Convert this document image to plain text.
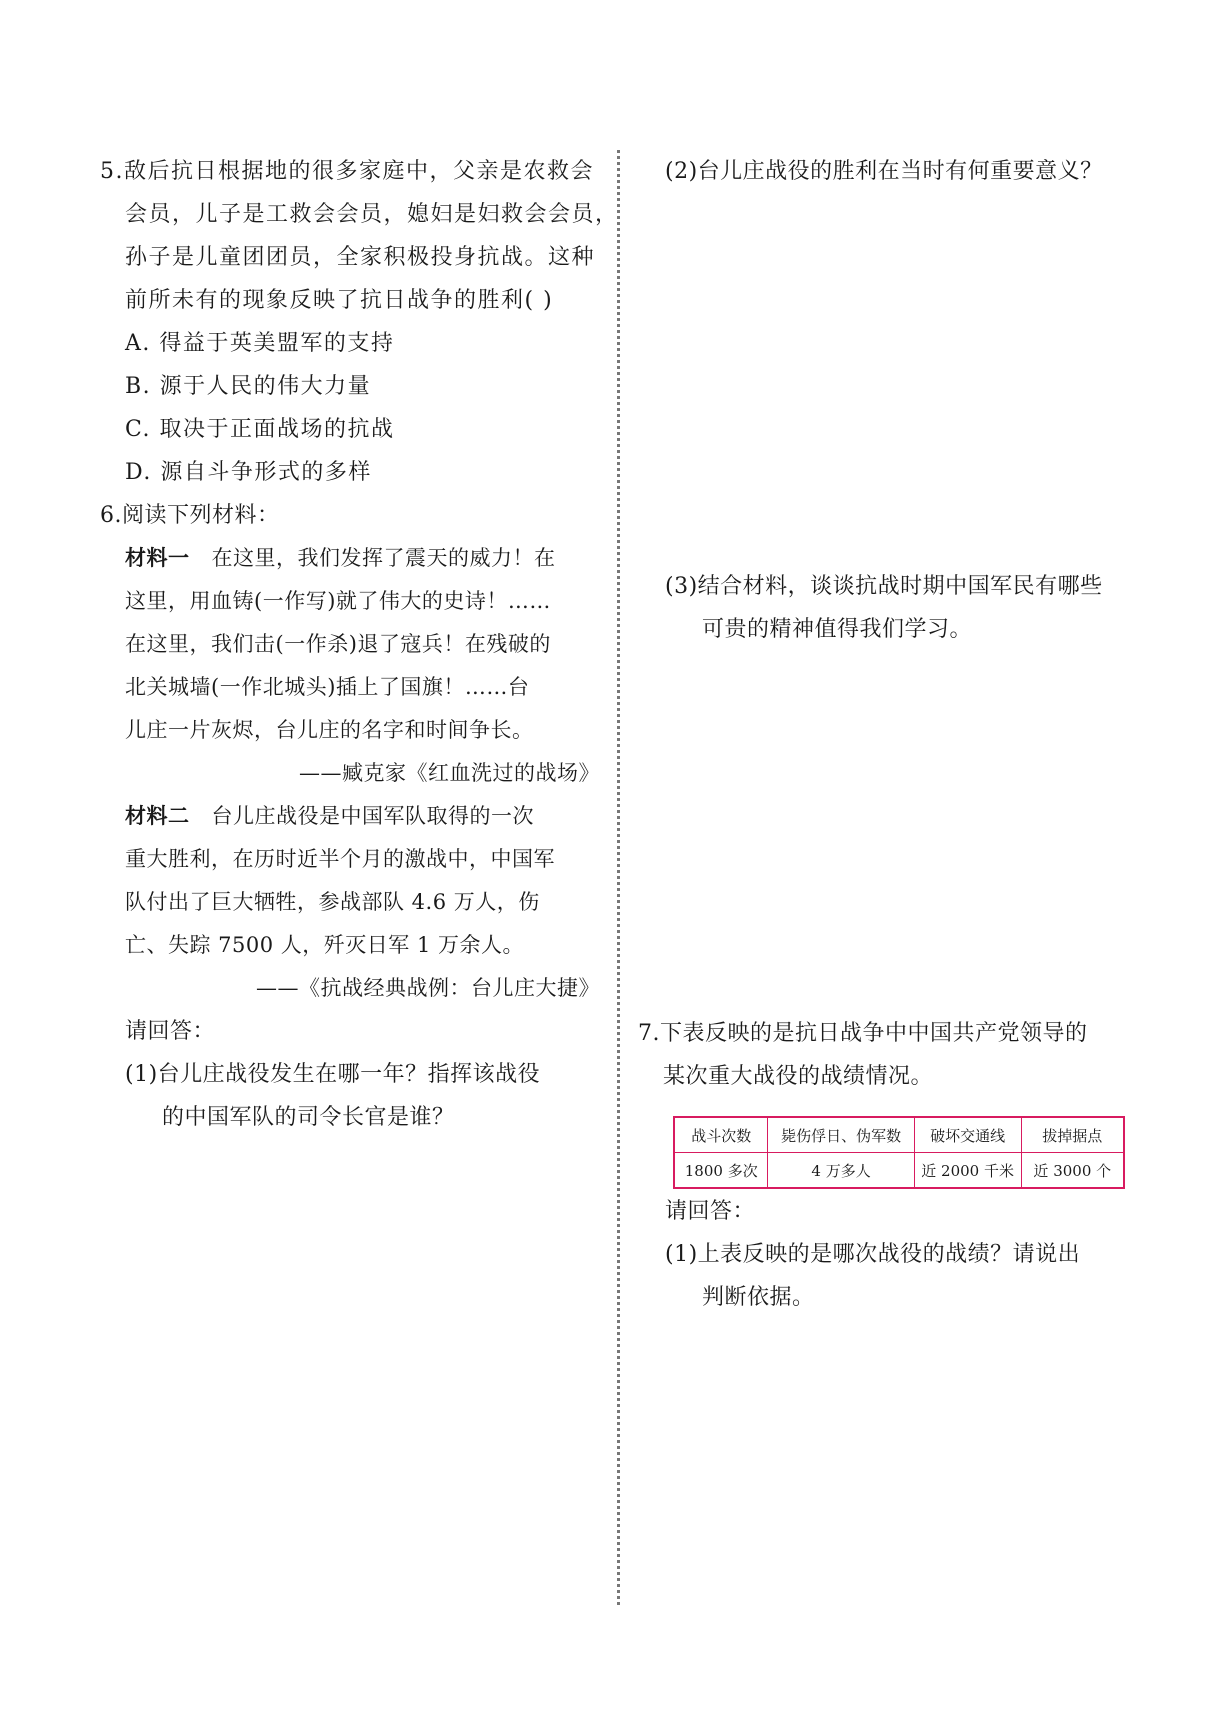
5.敌后抗日根据地的很多家庭中，父亲是农救会
会员，儿子是工救会会员，媳妇是妇救会会员，
孙子是儿童团团员，全家积极投身抗战。这种
前所未有的现象反映了抗日战争的胜利( )
A. 得益于英美盟军的支持
B. 源于人民的伟大力量
C. 取决于正面战场的抗战
D. 源自斗争形式的多样
6.阅读下列材料：
材料一 在这里，我们发挥了震天的威力！在
这里，用血铸(一作写)就了伟大的史诗！……
在这里，我们击(一作杀)退了寇兵！在残破的
北关城墙(一作北城头)插上了国旗！……台
儿庄一片灰烬，台儿庄的名字和时间争长。
——臧克家《红血洗过的战场》
材料二 台儿庄战役是中国军队取得的一次
重大胜利，在历时近半个月的激战中，中国军
队付出了巨大牺牲，参战部队 4.6 万人，伤
亡、失踪 7500 人，歼灭日军 1 万余人。
——《抗战经典战例：台儿庄大捷》
请回答：
(1)台儿庄战役发生在哪一年？指挥该战役
的中国军队的司令长官是谁？
(2)台儿庄战役的胜利在当时有何重要意义？
(3)结合材料，谈谈抗战时期中国军民有哪些
可贵的精神值得我们学习。
7.下表反映的是抗日战争中中国共产党领导的
某次重大战役的战绩情况。
请回答：
(1)上表反映的是哪次战役的战绩？请说出
判断依据。
战斗次数	毙伤俘日、伪军数	破坏交通线	拔掉据点
1800 多次	4 万多人	近 2000 千米	近 3000 个
